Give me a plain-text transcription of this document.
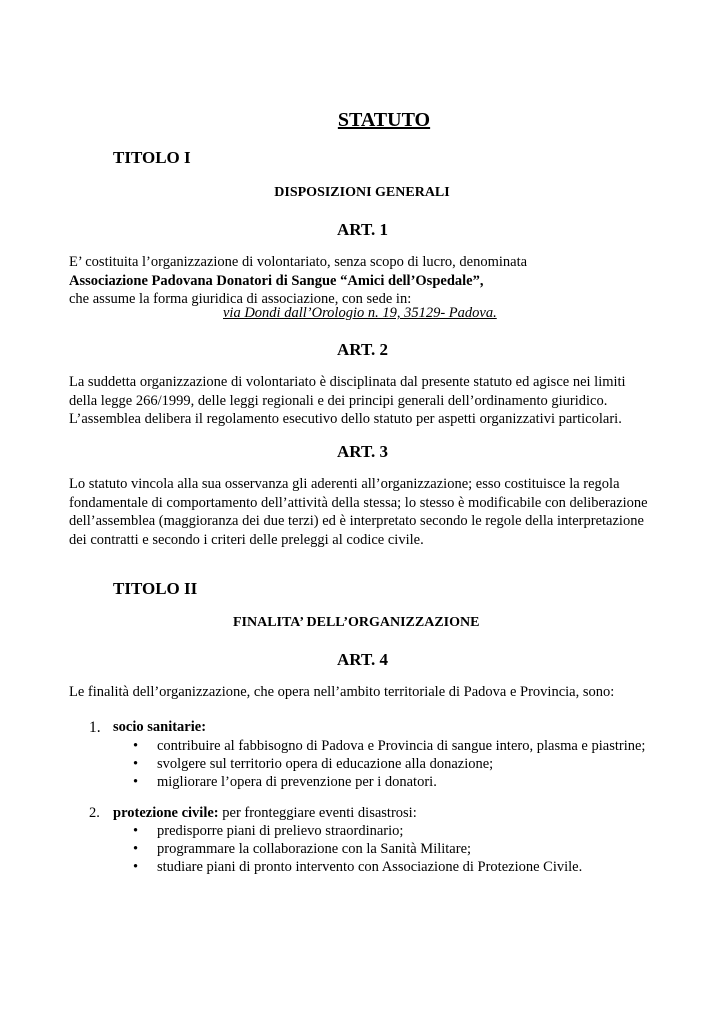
STATUTO
TITOLO I
DISPOSIZIONI GENERALI
ART. 1
E’ costituita l’organizzazione di volontariato, senza scopo di lucro, denominata
Associazione Padovana Donatori di Sangue “Amici dell’Ospedale”,
che assume la forma giuridica di associazione, con sede in:
via Dondi dall’Orologio n. 19, 35129- Padova.
ART. 2
La suddetta organizzazione di volontariato è disciplinata dal presente statuto ed agisce nei limiti
della legge 266/1999, delle leggi regionali e dei principi generali dell’ordinamento giuridico.
L’assemblea delibera il regolamento esecutivo dello statuto per aspetti organizzativi particolari.
ART. 3
Lo statuto vincola alla sua osservanza gli aderenti all’organizzazione; esso costituisce la regola
fondamentale di comportamento dell’attività della stessa; lo stesso è modificabile con deliberazione
dell’assemblea (maggioranza dei due terzi) ed è interpretato secondo le regole della interpretazione
dei contratti e secondo i criteri delle preleggi al codice civile.
TITOLO II
FINALITA’ DELL’ORGANIZZAZIONE
ART. 4
Le finalità dell’organizzazione, che opera nell’ambito territoriale di Padova e Provincia, sono:
1. socio sanitarie:
• contribuire al fabbisogno di Padova e Provincia di sangue intero, plasma e piastrine;
• svolgere sul territorio opera di educazione alla donazione;
• migliorare l’opera di prevenzione per i donatori.
2. protezione civile: per fronteggiare eventi disastrosi:
• predisporre piani di prelievo straordinario;
• programmare la collaborazione con la Sanità Militare;
• studiare piani di pronto intervento con Associazione di Protezione Civile.
